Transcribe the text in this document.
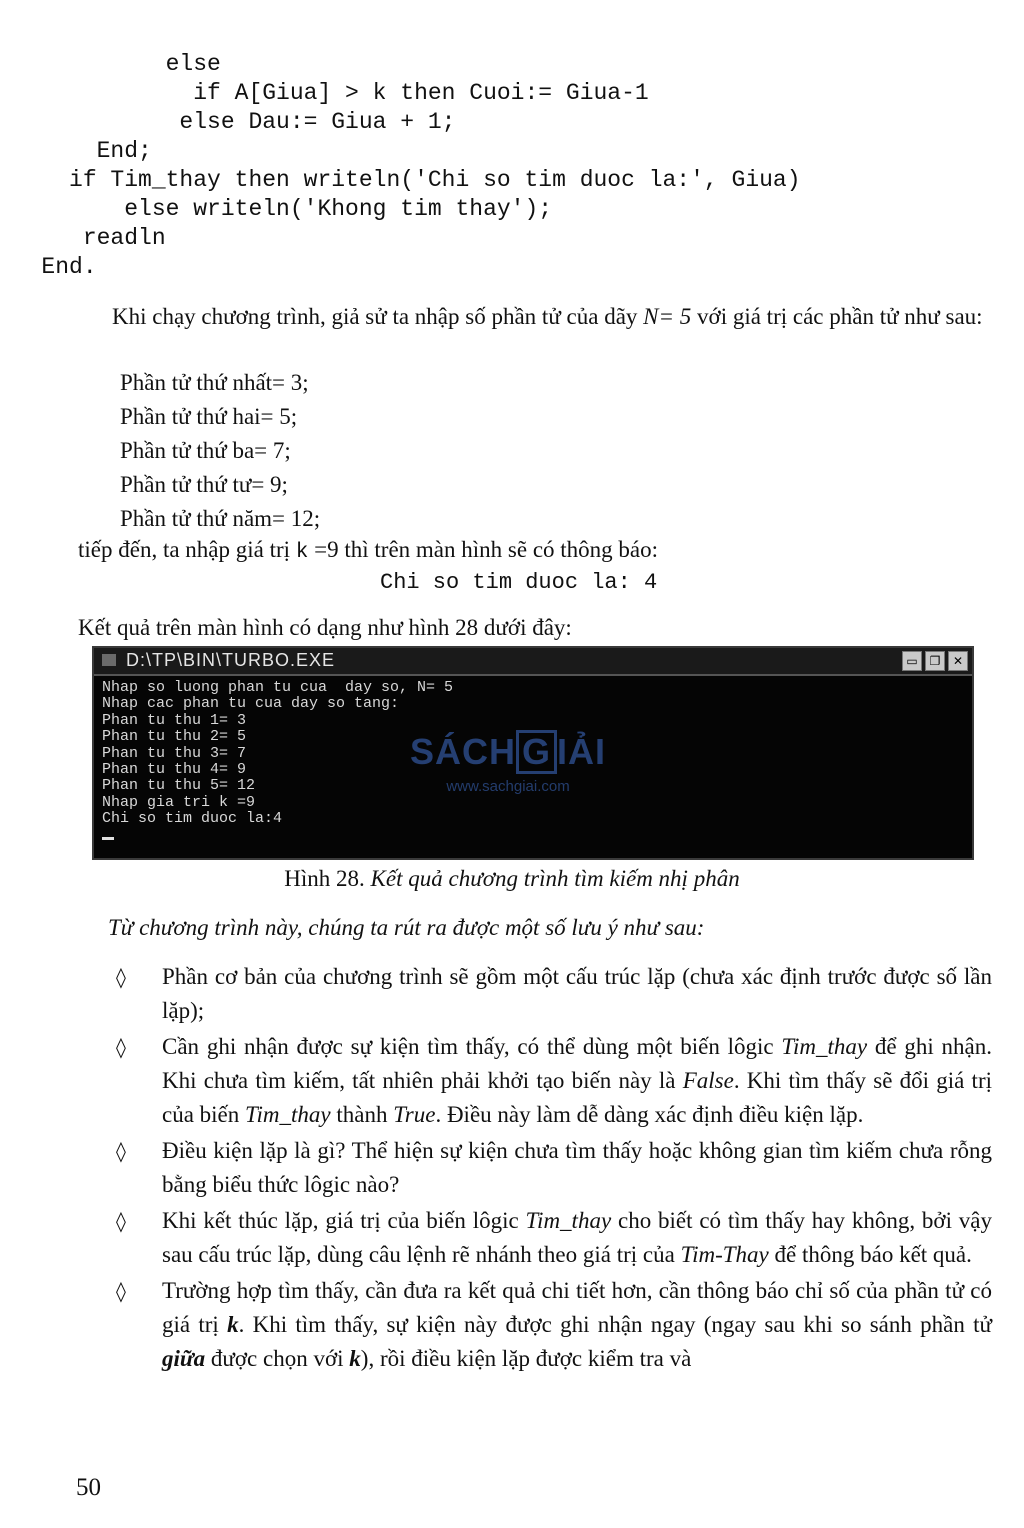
else
if A[Giua] > k then Cuoi:= Giua-1
else Dau:= Giua + 1;
End;
if Tim_thay then writeln('Chi so tim duoc la:', Giua)
else writeln('Khong tim thay');
readln
End.
Khi chạy chương trình, giả sử ta nhập số phần tử của dãy N= 5 với giá trị các phần tử như sau:
Phần tử thứ nhất= 3;
Phần tử thứ hai= 5;
Phần tử thứ ba= 7;
Phần tử thứ tư= 9;
Phần tử thứ năm= 12;
tiếp đến, ta nhập giá trị k =9 thì trên màn hình sẽ có thông báo:
Chi so tim duoc la: 4
Kết quả trên màn hình có dạng như hình 28 dưới đây:
D:\TP\BIN\TURBO.EXE	▭ ❐	✕
Nhap so luong phan tu cua  day so, N= 5
Nhap cac phan tu cua day so tang:
Phan tu thu 1= 3
Phan tu thu 2= 5
Phan tu thu 3= 7
Phan tu thu 4= 9
Phan tu thu 5= 12
Nhap gia tri k =9
Chi so tim duoc la:4
SÁCH G IẢI
www.sachgiai.com
Hình 28. Kết quả chương trình tìm kiếm nhị phân
Từ chương trình này, chúng ta rút ra được một số lưu ý như sau:
◊ Phần cơ bản của chương trình sẽ gồm một cấu trúc lặp (chưa xác định trước được số lần lặp);
◊ Cần ghi nhận được sự kiện tìm thấy, có thể dùng một biến lôgic Tim_thay để ghi nhận. Khi chưa tìm kiếm, tất nhiên phải khởi tạo biến này là False. Khi tìm thấy sẽ đổi giá trị của biến Tim_thay thành True. Điều này làm dễ dàng xác định điều kiện lặp.
◊ Điều kiện lặp là gì? Thể hiện sự kiện chưa tìm thấy hoặc không gian tìm kiếm chưa rỗng bằng biểu thức lôgic nào?
◊ Khi kết thúc lặp, giá trị của biến lôgic Tim_thay cho biết có tìm thấy hay không, bởi vậy sau cấu trúc lặp, dùng câu lệnh rẽ nhánh theo giá trị của Tim-Thay để thông báo kết quả.
◊ Trường hợp tìm thấy, cần đưa ra kết quả chi tiết hơn, cần thông báo chỉ số của phần tử có giá trị k. Khi tìm thấy, sự kiện này được ghi nhận ngay (ngay sau khi so sánh phần tử giữa được chọn với k), rồi điều kiện lặp được kiểm tra và
50
